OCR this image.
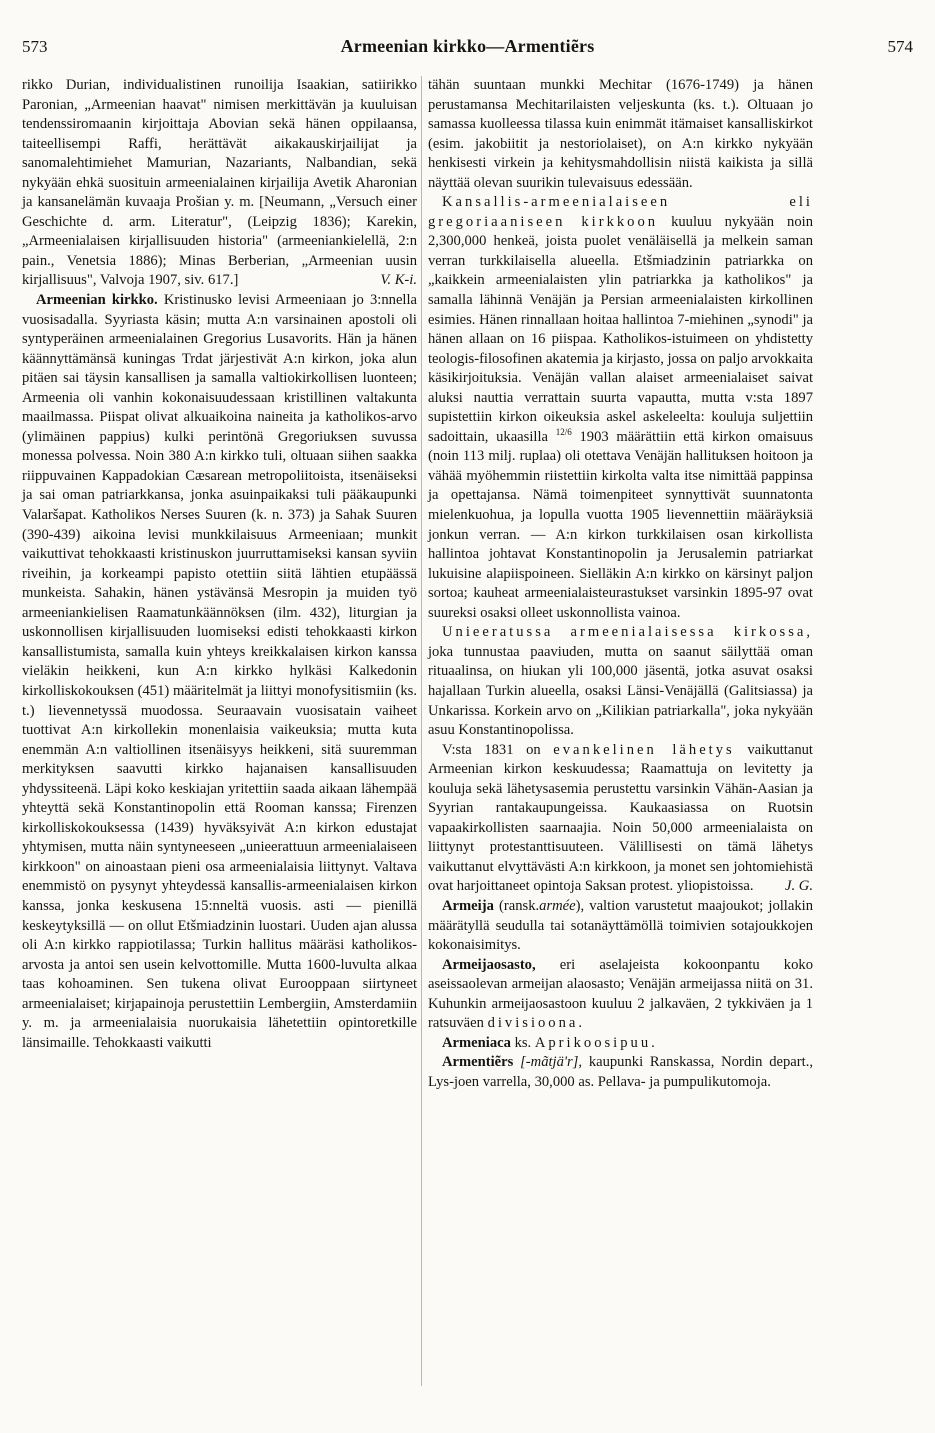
573	Armeenian kirkko—Armentiẽrs	574

rikko Durian, individualistinen runoilija Isaakian, satiirikko Paronian, „Armeenian haavat" nimisen merkittävän ja kuuluisan tendenssiromaanin kirjoittaja Abovian sekä hänen oppilaansa, taiteellisempi Raffi, herättävät aikakauskirjailijat ja sanomalehtimiehet Mamurian, Nazariants, Nalbandian, sekä nykyään ehkä suosituin armeenialainen kirjailija Avetik Aharonian ja kansanelämän kuvaaja Prošian y. m. [Neumann, „Versuch einer Geschichte d. arm. Literatur", (Leipzig 1836); Karekin, „Armeenialaisen kirjallisuuden historia" (armeeniankielellä, 2:n pain., Venetsia 1886); Minas Berberian, „Armeenian uusin kirjallisuus", Valvoja 1907, siv. 617.]	V. K-i.

Armeenian kirkko. Kristinusko levisi Armeeniaan jo 3:nnella vuosisadalla. Syyriasta käsin; mutta A:n varsinainen apostoli oli syntyperäinen armeenialainen Gregorius Lusavorits. Hän ja hänen käännyttämänsä kuningas Trdat järjestivät A:n kirkon, joka alun pitäen sai täysin kansallisen ja samalla valtiokirkollisen luonteen; Armeenia oli vanhin kokonaisuudessaan kristillinen valtakunta maailmassa. Piispat olivat alkuaikoina naineita ja katholikos-arvo (ylimäinen pappius) kulki perintönä Gregoriuksen suvussa monessa polvessa. Noin 380 A:n kirkko tuli, oltuaan siihen saakka riippuvainen Kappadokian Cæsarean metropoliitoista, itsenäiseksi ja sai oman patriarkkansa, jonka asuinpaikaksi tuli pääkaupunki Valaršapat. Katholikos Nerses Suuren (k. n. 373) ja Sahak Suuren (390-439) aikoina levisi munkkilaisuus Armeeniaan; munkit vaikuttivat tehokkaasti kristinuskon juurruttamiseksi kansan syviin riveihin, ja korkeampi papisto otettiin siitä lähtien etupäässä munkeista. Sahakin, hänen ystävänsä Mesropin ja muiden työ armeeniankielisen Raamatunkäännöksen (ilm. 432), liturgian ja uskonnollisen kirjallisuuden luomiseksi edisti tehokkaasti kirkon kansallistumista, samalla kuin yhteys kreikkalaisen kirkon kanssa vieläkin heikkeni, kun A:n kirkko hylkäsi Kalkedonin kirkolliskokouksen (451) määritelmät ja liittyi monofysitismiin (ks. t.) lievennetyssä muodossa. Seuraavain vuosisatain vaiheet tuottivat A:n kirkollekin monenlaisia vaikeuksia; mutta kuta enemmän A:n valtiollinen itsenäisyys heikkeni, sitä suuremman merkityksen saavutti kirkko hajanaisen kansallisuuden yhdyssiteenä. Läpi koko keskiajan yritettiin saada aikaan lähempää yhteyttä sekä Konstantinopolin että Rooman kanssa; Firenzen kirkolliskokouksessa (1439) hyväksyivät A:n kirkon edustajat yhtymisen, mutta näin syntyneeseen „unieerattuun armeenialaiseen kirkkoon" on ainoastaan pieni osa armeenialaisia liittynyt. Valtava enemmistö on pysynyt yhteydessä kansallis-armeenialaisen kirkon kanssa, jonka keskusena 15:nneltä vuosis. asti — pienillä keskeytyksillä — on ollut Etšmiadzinin luostari. Uuden ajan alussa oli A:n kirkko rappiotilassa; Turkin hallitus määräsi katholikos-arvosta ja antoi sen usein kelvottomille. Mutta 1600-luvulta alkaa taas kohoaminen. Sen tukena olivat Eurooppaan siirtyneet armeenialaiset; kirjapainoja perustettiin Lembergiin, Amsterdamiin y. m. ja armeenialaisia nuorukaisia lähetettiin opintoretkille länsimaille. Tehokkaasti vaikutti

tähän suuntaan munkki Mechitar (1676-1749) ja hänen perustamansa Mechitarilaisten veljeskunta (ks. t.). Oltuaan jo samassa kuolleessa tilassa kuin enimmät itämaiset kansalliskirkot (esim. jakobiitit ja nestoriolaiset), on A:n kirkko nykyään henkisesti virkein ja kehitysmahdollisin niistä kaikista ja sillä näyttää olevan suurikin tulevaisuus edessään.

Kansallis-armeenialaiseen eli gregoriaaniseen kirkkoon kuuluu nykyään noin 2,300,000 henkeä, joista puolet venäläisellä ja melkein saman verran turkkilaisella alueella. Etšmiadzinin patriarkka on „kaikkein armeenialaisten ylin patriarkka ja katholikos" ja samalla lähinnä Venäjän ja Persian armeenialaisten kirkollinen esimies. Hänen rinnallaan hoitaa hallintoa 7-miehinen „synodi" ja hänen allaan on 16 piispaa. Katholikos-istuimeen on yhdistetty teologis-filosofinen akatemia ja kirjasto, jossa on paljo arvokkaita käsikirjoituksia. Venäjän vallan alaiset armeenialaiset saivat aluksi nauttia verrattain suurta vapautta, mutta v:sta 1897 supistettiin kirkon oikeuksia askel askeleelta: kouluja suljettiin sadoittain, ukaasilla $^{12/6}$ 1903 määrättiin että kirkon omaisuus (noin 113 milj. ruplaa) oli otettava Venäjän hallituksen hoitoon ja vähää myöhemmin riistettiin kirkolta valta itse nimittää pappinsa ja opettajansa. Nämä toimenpiteet synnyttivät suunnatonta mielenkuohua, ja lopulla vuotta 1905 lievennettiin määräyksiä jonkun verran. — A:n kirkon turkkilaisen osan kirkollista hallintoa johtavat Konstantinopolin ja Jerusalemin patriarkat lukuisine alapiispoineen. Sielläkin A:n kirkko on kärsinyt paljon sortoa; kauheat armeenialaisteurastukset varsinkin 1895-97 ovat suureksi osaksi olleet uskonnollista vainoa.

Unieeratussa armeenialaisessa kirkossa, joka tunnustaa paaviuden, mutta on saanut säilyttää oman rituaalinsa, on hiukan yli 100,000 jäsentä, jotka asuvat osaksi hajallaan Turkin alueella, osaksi Länsi-Venäjällä (Galitsiassa) ja Unkarissa. Korkein arvo on „Kilikian patriarkalla", joka nykyään asuu Konstantinopolissa.

V:sta 1831 on evankelinen lähetys vaikuttanut Armeenian kirkon keskuudessa; Raamattuja on levitetty ja kouluja sekä lähetysasemia perustettu varsinkin Vähän-Aasian ja Syyrian rantakaupungeissa. Kaukaasiassa on Ruotsin vapaakirkollisten saarnaajia. Noin 50,000 armeenialaista on liittynyt protestanttisuuteen. Välillisesti on tämä lähetys vaikuttanut elvyttävästi A:n kirkkoon, ja monet sen johtomiehistä ovat harjoittaneet opintoja Saksan protest. yliopistoissa.	J. G.

Armeija (ransk.armée), valtion varustetut maajoukot; jollakin määrätyllä seudulla tai sotanäyttämöllä toimivien sotajoukkojen kokonaisimitys.

Armeijaosasto, eri aselajeista kokoonpantu koko aseissaolevan armeijan alaosasto; Venäjän armeijassa niitä on 31. Kuhunkin armeijaosastoon kuuluu 2 jalkaväen, 2 tykkiväen ja 1 ratsuväen divisioona.

Armeniaca ks. Aprikoosipuu.

Armentiẽrs [-mãtjä'r], kaupunki Ranskassa, Nordin depart., Lys-joen varrella, 30,000 as. Pellava- ja pumpulikutomoja.
